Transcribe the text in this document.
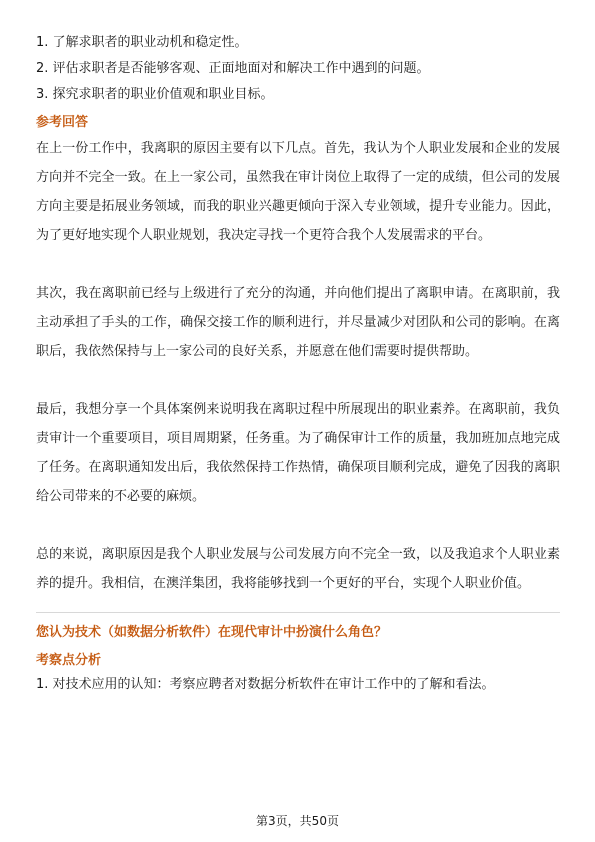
1. 了解求职者的职业动机和稳定性。
2. 评估求职者是否能够客观、正面地面对和解决工作中遇到的问题。
3. 探究求职者的职业价值观和职业目标。
参考回答

在上一份工作中，我离职的原因主要有以下几点。首先，我认为个人职业发展和企业的发展方向并不完全一致。在上一家公司，虽然我在审计岗位上取得了一定的成绩，但公司的发展方向主要是拓展业务领域，而我的职业兴趣更倾向于深入专业领域，提升专业能力。因此，为了更好地实现个人职业规划，我决定寻找一个更符合我个人发展需求的平台。

其次，我在离职前已经与上级进行了充分的沟通，并向他们提出了离职申请。在离职前，我主动承担了手头的工作，确保交接工作的顺利进行，并尽量减少对团队和公司的影响。在离职后，我依然保持与上一家公司的良好关系，并愿意在他们需要时提供帮助。

最后，我想分享一个具体案例来说明我在离职过程中所展现出的职业素养。在离职前，我负责审计一个重要项目，项目周期紧，任务重。为了确保审计工作的质量，我加班加点地完成了任务。在离职通知发出后，我依然保持工作热情，确保项目顺利完成，避免了因我的离职给公司带来的不必要的麻烦。

总的来说，离职原因是我个人职业发展与公司发展方向不完全一致，以及我追求个人职业素养的提升。我相信，在澳洋集团，我将能够找到一个更好的平台，实现个人职业价值。

您认为技术（如数据分析软件）在现代审计中扮演什么角色？
考察点分析
1. 对技术应用的认知：考察应聘者对数据分析软件在审计工作中的了解和看法。
第3页，共50页
